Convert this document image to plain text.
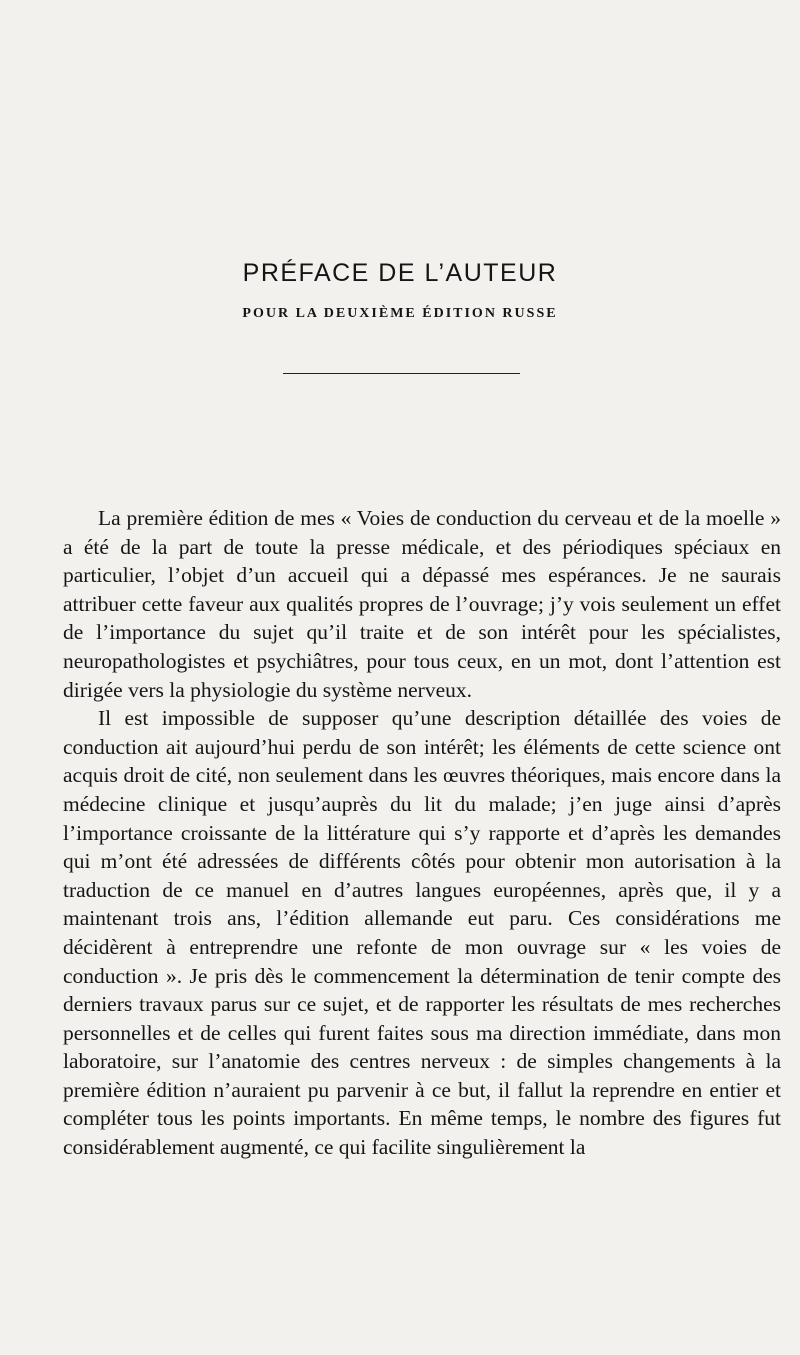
PRÉFACE DE L’AUTEUR
POUR LA DEUXIÈME ÉDITION RUSSE

La première édition de mes « Voies de conduction du cerveau et de la moelle » a été de la part de toute la presse médicale, et des périodiques spéciaux en particulier, l’objet d’un accueil qui a dépassé mes espérances. Je ne saurais attribuer cette faveur aux qualités propres de l’ouvrage; j’y vois seulement un effet de l’importance du sujet qu’il traite et de son intérêt pour les spécialistes, neuropathologistes et psychiâtres, pour tous ceux, en un mot, dont l’attention est dirigée vers la physiologie du système nerveux.

Il est impossible de supposer qu’une description détaillée des voies de conduction ait aujourd’hui perdu de son intérêt; les éléments de cette science ont acquis droit de cité, non seulement dans les œuvres théoriques, mais encore dans la médecine clinique et jusqu’auprès du lit du malade; j’en juge ainsi d’après l’importance croissante de la littérature qui s’y rapporte et d’après les demandes qui m’ont été adressées de différents côtés pour obtenir mon autorisation à la traduction de ce manuel en d’autres langues européennes, après que, il y a maintenant trois ans, l’édition allemande eut paru. Ces considérations me décidèrent à entreprendre une refonte de mon ouvrage sur « les voies de conduction ». Je pris dès le commencement la détermination de tenir compte des derniers travaux parus sur ce sujet, et de rapporter les résultats de mes recherches personnelles et de celles qui furent faites sous ma direction immédiate, dans mon laboratoire, sur l’anatomie des centres nerveux : de simples changements à la première édition n’auraient pu parvenir à ce but, il fallut la reprendre en entier et compléter tous les points importants. En même temps, le nombre des figures fut considérablement augmenté, ce qui facilite singulièrement la
